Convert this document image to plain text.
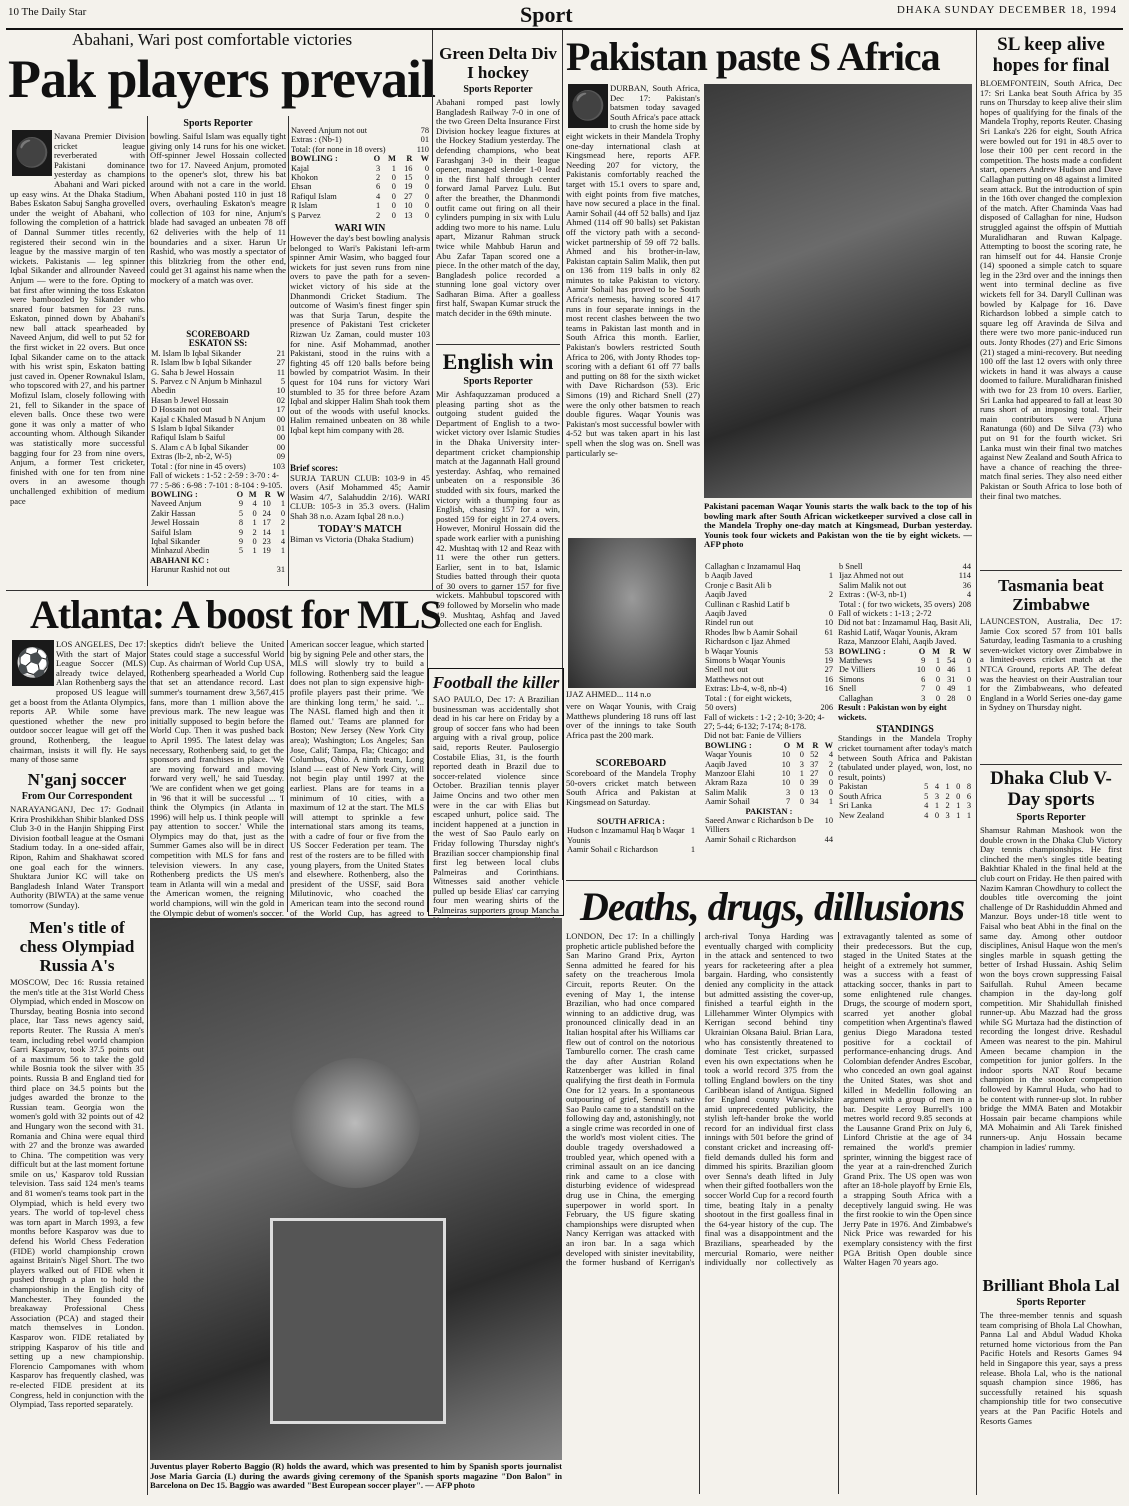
10 The Daily Star	Sport	DHAKA SUNDAY DECEMBER 18, 1994
Abahani, Wari post comfortable victories
Pak players prevail
⚫
Navana Premier Division cricket league reverberated with Pakistani dominance yesterday as champions Abahani and Wari picked up easy wins. At the Dhaka Stadium, Babes Eskaton Sabuj Sangha grovelled under the weight of Abahani, who following the completion of a hattrick of Dannal Summer titles recently, registered their second win in the league by the massive margin of ten wickets. Pakistanis — leg spinner Iqbal Sikander and allrounder Naveed Anjum — were to the fore. Opting to bat first after winning the toss Eskaton were bamboozled by Sikander who snared four batsmen for 23 runs. Eskaton, pinned down by Abahani's new ball attack spearheaded by Naveed Anjum, did well to put 52 for the first wicket in 22 overs. But once Iqbal Sikander came on to the attack with his wrist spin, Eskaton batting just caved in. Opener Rownakul Islam, who topscored with 27, and his partner Mofizul Islam, closely following with 21, fell to Sikander in the space of eleven balls. Once these two were gone it was only a matter of who accounting whom. Although Sikander was statistically more successful bagging four for 23 from nine overs, Anjum, a former Test cricketer, finished with one for ten from nine overs in an awesome though unchallenged exhibition of medium pace
Sports Reporter
bowling. Saiful Islam was equally tight giving only 14 runs for his one wicket. Off-spinner Jewel Hossain collected two for 17. Naveed Anjum, promoted to the opener's slot, threw his bat around with not a care in the world. When Abahani posted 110 in just 18 overs, overhauling Eskaton's meagre collection of 103 for nine, Anjum's blade had savaged an unbeaten 78 off 62 deliveries with the help of 11 boundaries and a sixer. Harun Ur Rashid, who was mostly a spectator of this blitzkrieg from the other end, could get 31 against his name when the mockery of a match was over.
SCOREBOARD
ESKATON SS:
M. Islam lb Iqbal Sikander	21
R. Islam lbw b Iqbal Sikander	27
G. Saha b Jewel Hossain	11
S. Parvez c N Anjum b Minhazul	5
Abedin	10
Hasan b Jewel Hossain	02
D Hossain not out	17
Kajal c Khaled Masud b N Anjum	00
S Islam b Iqbal Sikander	01
Rafiqul Islam b Saiful	00
S. Alam c A b Iqbal Sikander	00
Extras (lb-2, nb-2, W-5)	09
Total : (for nine in 45 overs)	103
Fall of wickets : 1-52 : 2-59 : 3-70 : 4-77 : 5-86 : 6-98 : 7-101 : 8-104 : 9-105.
BOWLING :	O	M	R	W
Naveed Anjum	9	4	10	1
Zakir Hassan	5	0	24	0
Jewel Hossain	8	1	17	2
Saiful Islam	9	2	14	1
Iqbal Sikander	9	0	23	4
Minhazul Abedin	5	1	19	1
ABAHANI KC :
Harunur Rashid not out	31
Naveed Anjum not out	78
Extras : (Nb-1)	01
Total: (for none in 18 overs)	110
BOWLING :	O	M	R	W
Kajal	3	1	16	0
Khokon	2	0	15	0
Ehsan	6	0	19	0
Rafiqul Islam	4	0	27	0
R Islam	1	0	10	0
S Parvez	2	0	13	0
WARI WIN
However the day's best bowling analysis belonged to Wari's Pakistani left-arm spinner Amir Wasim, who bagged four wickets for just seven runs from nine overs to pave the path for a seven-wicket victory of his side at the Dhanmondi Cricket Stadium. The outcome of Wasim's finest finger spin was that Surja Tarun, despite the presence of Pakistani Test cricketer Rizwan Uz Zaman, could muster 103 for nine. Asif Mohammad, another Pakistani, stood in the ruins with a fighting 45 off 120 balls before being bowled by compatriot Wasim. In their quest for 104 runs for victory Wari stumbled to 35 for three before Azam Iqbal and skipper Halim Shah took them out of the woods with useful knocks. Halim remained unbeaten on 38 while Iqbal kept him company with 28.
Brief scores:
SURJA TARUN CLUB: 103-9 in 45 overs (Asif Mohammed 45; Aamir Wasim 4/7, Salahuddin 2/16). WARI CLUB: 105-3 in 35.3 overs. (Halim Shah 38 n.o. Azam Iqbal 28 n.o.)
TODAY'S MATCH
Biman vs Victoria (Dhaka Stadium)
Green Delta Div I hockey
Sports Reporter
Abahani romped past lowly Bangladesh Railway 7-0 in one of the two Green Delta Insurance First Division hockey league fixtures at the Hockey Stadium yesterday. The defending champions, who beat Farashganj 3-0 in their league opener, managed slender 1-0 lead in the first half through center forward Jamal Parvez Lulu. But after the breather, the Dhanmondi outfit came out firing on all their cylinders pumping in six with Lulu adding two more to his name. Lulu apart, Mizanur Rahman struck twice while Mahbub Harun and Abu Zafar Tapan scored one a piece. In the other match of the day, Bangladesh police recorded a stunning lone goal victory over Sadharan Bima. After a goalless first half, Swapan Kumar struck the match decider in the 69th minute.
English win
Sports Reporter
Mir Ashfaquzzaman produced a pleasing parting shot as the outgoing student guided the Department of English to a two-wicket victory over Islamic Studies in the Dhaka University inter-department cricket championship match at the Jagannath Hall ground yesterday. Ashfaq, who remained unbeaten on a responsible 36 studded with six fours, marked the victory with a thumping four as English, chasing 157 for a win, posted 159 for eight in 27.4 overs. However, Monirul Hossain did the spade work earlier with a punishing 42. Mushtaq with 12 and Reaz with 11 were the other run getters. Earlier, sent in to bat, Islamic Studies batted through their quota of 30 overs to garner 157 for five wickets. Mahbubul topscored with 59 followed by Morselin who made 19. Mushtaq, Ashfaq and Javed collected one each for English.
Pakistan paste S Africa
⚫
DURBAN, South Africa, Dec 17: Pakistan's batsmen today savaged South Africa's pace attack to crush the home side by eight wickets in their Mandela Trophy one-day international clash at Kingsmead here, reports AFP. Needing 207 for victory, the Pakistanis comfortably reached the target with 15.1 overs to spare and, with eight points from five matches, have now secured a place in the final. Aamir Sohail (44 off 52 balls) and Ijaz Ahmed (114 off 90 balls) set Pakistan off the victory path with a second-wicket partnership of 59 off 72 balls. Ahmed and his brother-in-law, Pakistan captain Salim Malik, then put on 136 from 119 balls in only 82 minutes to take Pakistan to victory. Aamir Sohail has proved to be South Africa's nemesis, having scored 417 runs in four separate innings in the most recent clashes between the two teams in Pakistan last month and in South Africa this month. Earlier, Pakistan's bowlers restricted South Africa to 206, with Jonty Rhodes top-scoring with a defiant 61 off 77 balls and putting on 88 for the sixth wicket with Dave Richardson (53). Eric Simons (19) and Richard Snell (27) were the only other batsmen to reach double figures. Waqar Younis was Pakistan's most successful bowler with 4-52 but was taken apart in his last spell when the slog was on. Snell was particularly se-
Pakistani paceman Waqar Younis starts the walk back to the top of his bowling mark after South African wicketkeeper survived a close call in the Mandela Trophy one-day match at Kingsmead, Durban yesterday. Younis took four wickets and Pakistan won the tie by eight wickets. — AFP photo
IJAZ AHMED... 114 n.o
vere on Waqar Younis, with Craig Matthews plundering 18 runs off last over of the innings to take South Africa past the 200 mark.
SCOREBOARD
Scoreboard of the Mandela Trophy 50-overs cricket match between South Africa and Pakistan at Kingsmead on Saturday.
SOUTH AFRICA :
Hudson c Inzamamul Haq b Waqar Younis	1
Aamir Sohail c Richardson	1
Callaghan c Inzamamul Haq	
b Aaqib Javed	1
Cronje c Basit Ali b	
Aaqib Javed	2
Cullinan c Rashid Latif b	
Aaqib Javed	0
Rindel run out	10
Rhodes lbw b Aamir Sohail	61
Richardson c Ijaz Ahmed	
b Waqar Younis	53
Simons b Waqar Younis	19
Snell not out	27
Matthews not out	16
Extras: Lb-4, w-8, nb-4)	16
Total : ( for eight wickets,	
50 overs)	206
Fall of wickets : 1-2 ; 2-10; 3-20; 4-27; 5-44; 6-132; 7-174; 8-178.
Did not bat: Fanie de Villiers
BOWLING :	O	M	R	W
Waqar Younis	10	0	52	4
Aaqib Javed	10	3	37	2
Manzoor Elahi	10	1	27	0
Akram Raza	10	0	39	0
Salim Malik	3	0	13	0
Aamir Sohail	7	0	34	1
PAKISTAN :
Saeed Anwar c Richardson b De Villiers	10
Aamir Sohail c Richardson	44
b Snell	44
Ijaz Ahmed not out	114
Salim Malik not out	36
Extras : (W-3, nb-1)	4
Total : ( for two wickets, 35 overs)	208
Fall of wickets : 1-13 ; 2-72
Did not bat : Inzamamul Haq, Basit Ali, Rashid Latif, Waqar Younis, Akram Raza, Manzoor Elahi, Aaqib Javed.
BOWLING :	O	M	R	W
Matthews	9	1	54	0
De Villiers	10	0	46	1
Simons	6	0	31	0
Snell	7	0	49	1
Callaghan	3	0	28	0
Result : Pakistan won by eight wickets.
STANDINGS
Standings in the Mandela Trophy cricket tournament after today's match between South Africa and Pakistan (tabulated under played, won, lost, no result, points)
Pakistan	5	4	1	0	8
South Africa	5	3	2	0	6
Sri Lanka	4	1	2	1	3
New Zealand	4	0	3	1	1
SL keep alive hopes for final
BLOEMFONTEIN, South Africa, Dec 17: Sri Lanka beat South Africa by 35 runs on Thursday to keep alive their slim hopes of qualifying for the finals of the Mandela Trophy, reports Reuter. Chasing Sri Lanka's 226 for eight, South Africa were bowled out for 191 in 48.5 over to lose their 100 per cent record in the competition. The hosts made a confident start, openers Andrew Hudson and Dave Callaghan putting on 48 against a limited seam attack. But the introduction of spin in the 16th over changed the complexion of the match. After Chaminda Vaas had disposed of Callaghan for nine, Hudson struggled against the offspin of Muttiah Muralidharan and Ruwan Kalpage. Attempting to boost the scoring rate, he ran himself out for 44. Hansie Cronje (14) spooned a simple catch to square leg in the 23rd over and the innings then went into terminal decline as five wickets fell for 34. Daryll Cullinan was bowled by Kalpage for 16. Dave Richardson lobbed a simple catch to square leg off Aravinda de Silva and there were two more panic-induced run outs. Jonty Rhodes (27) and Eric Simons (21) staged a mini-recovery. But needing 100 off the last 12 overs with only three wickets in hand it was always a cause doomed to failure. Muralidharan finished with two for 23 from 10 overs. Earlier, Sri Lanka had appeared to fall at least 30 runs short of an imposing total. Their main contributors were Arjuna Ranatunga (60) and De Silva (73) who put on 91 for the fourth wicket. Sri Lanka must win their final two matches against New Zealand and South Africa to have a chance of reaching the three-match final series. They also need either Pakistan or South Africa to lose both of their final two matches.
Tasmania beat Zimbabwe
LAUNCESTON, Australia, Dec 17: Jamie Cox scored 57 from 101 balls Saturday, leading Tasmania to a crushing seven-wicket victory over Zimbabwe in a limited-overs cricket match at the NTCA Ground, reports AP. The defeat was the heaviest on their Australian tour for the Zimbabweans, who defeated England in a World Series one-day game in Sydney on Thursday night.
Dhaka Club V-Day sports
Sports Reporter
Shamsur Rahman Mashook won the double crown in the Dhaka Club Victory Day tennis championships. He first clinched the men's singles title beating Bakhtiar Khaled in the final held at the club court on Friday. He then paired with Nazim Kamran Chowdhury to collect the doubles title overcoming the joint challenge of Dr Rashiduddin Ahmed and Manzur. Boys under-18 title went to Faisal who beat Abhi in the final on the same day. Among other outdoor disciplines, Anisul Haque won the men's singles marble in squash getting the better of Irshad Hussain. Ashiq Selim won the boys crown suppressing Faisal Saifullah. Ruhul Ameen became champion in the day-long golf competition. Mir Shahidullah finished runner-up. Abu Mazzad had the gross while SG Murtaza had the distinction of recording the longest drive. Reshadul Ameen was nearest to the pin. Mahirul Ameen became champion in the competition for junior golfers. In the indoor sports NAT Rouf became champion in the snooker competition followed by Kamrul Huda, who had to be content with runner-up slot. In rubber bridge the MMA Baten and Motakbir Hossain pair became champions while MA Mohaimin and Ali Tarek finished runners-up. Anju Hossain became champion in ladies' rummy.
Brilliant Bhola Lal
Sports Reporter
The three-member tennis and squash team comprising of Bhola Lal Chowhan, Panna Lal and Abdul Wadud Khoka returned home victorious from the Pan Pacific Hotels and Resorts Games 94 held in Singapore this year, says a press release. Bhola Lal, who is the national squash champion since 1986, has successfully retained his squash championship title for two consecutive years at the Pan Pacific Hotels and Resorts Games
Atlanta: A boost for MLS
⚽
LOS ANGELES, Dec 17: With the start of Major League Soccer (MLS) already twice delayed, Alan Rothenberg says the proposed US league will get a boost from the Atlanta Olympics, reports AP. While some have questioned whether the new pro outdoor soccer league will get off the ground, Rothenberg, the league chairman, insists it will fly. He says many of those same
skeptics didn't believe the United States could stage a successful World Cup. As chairman of World Cup USA, Rothenberg spearheaded a World Cup that set an attendance record. Last summer's tournament drew 3,567,415 fans, more than 1 million above the previous mark. The new league was initially supposed to begin before the World Cup. Then it was pushed back to April 1995. The latest delay was necessary, Rothenberg said, to get the sponsors and franchises in place. 'We are moving forward and moving forward very well,' he said Tuesday. 'We are confident when we get going in '96 that it will be successful ... 'I think the Olympics (in Atlanta in 1996) will help us. I think people will pay attention to soccer.' While the Olympics may do that, just as the Summer Games also will be in direct competition with MLS for fans and television viewers. In any case, Rothenberg predicts the US men's team in Atlanta will win a medal and the American women, the reigning world champions, will win the gold in the Olympic debut of women's soccer.
American soccer league, which started big by signing Pele and other stars, the MLS will slowly try to build a following. Rothenberg said the league does not plan to sign expensive high-profile players past their prime. 'We are thinking long term,' he said. '... The NASL flamed high and then it flamed out.' Teams are planned for Boston; New Jersey (New York City area); Washington; Los Angeles; San Jose, Calif; Tampa, Fla; Chicago; and Columbus, Ohio. A ninth team, Long Island — east of New York City, will not begin play until 1997 at the earliest. Plans are for teams in a minimum of 10 cities, with a maximum of 12 at the start. The MLS will attempt to sprinkle a few international stars among its teams, with a cadre of four or five from the US Soccer Federation per team. The rest of the rosters are to be filled with young players, from the United States and elsewhere. Rothenberg, also the president of the USSF, said Bora Milutinovic, who coached the American team into the second round of the World Cup, has agreed to
N'ganj soccer
From Our Correspondent
NARAYANGANJ, Dec 17: Godnail Krira Proshikkhan Shibir blanked DSS Club 3-0 in the Hanjin Shipping First Division football league at the Osmani Stadium today. In a one-sided affair, Ripon, Rahim and Shakhawat scored one goal each for the winners. Shuktara Junior KC will take on Bangladesh Inland Water Transport Authority (BIWTA) at the same venue tomorrow (Sunday).
Men's title of chess Olympiad Russia A's
MOSCOW, Dec 16: Russia retained the men's title at the 31st World Chess Olympiad, which ended in Moscow on Thursday, beating Bosnia into second place, Itar Tass news agency said, reports Reuter. The Russia A men's team, including rebel world champion Garri Kasparov, took 37.5 points out of a maximum 56 to take the gold while Bosnia took the silver with 35 points. Russia B and England tied for third place on 34.5 points but the judges awarded the bronze to the Russian team. Georgia won the women's gold with 32 points out of 42 and Hungary won the second with 31. Romania and China were equal third with 27 and the bronze was awarded to China. 'The competition was very difficult but at the last moment fortune smile on us,' Kasparov told Russian television. Tass said 124 men's teams and 81 women's teams took part in the Olympiad, which is held every two years. The world of top-level chess was torn apart in March 1993, a few months before Kasparov was due to defend his World Chess Federation (FIDE) world championship crown against Britain's Nigel Short. The two players walked out of FIDE when it pushed through a plan to hold the championship in the English city of Manchester. They founded the breakaway Professional Chess Association (PCA) and staged their match themselves in London. Kasparov won. FIDE retaliated by stripping Kasparov of his title and setting up a new championship. Florencio Campomanes with whom Kasparov has frequently clashed, was re-elected FIDE president at its Congress, held in conjunction with the Olympiad, Tass reported separately.
Football the killer
SAO PAULO, Dec 17: A Brazilian businessman was accidentally shot dead in his car here on Friday by a group of soccer fans who had been arguing with a rival group, police said, reports Reuter. Paulosergio Costabile Elias, 31, is the fourth reported death in Brazil due to soccer-related violence since October. Brazilian tennis player Jaime Oncins and two other men were in the car with Elias but escaped unhurt, police said. The incident happened at a junction in the west of Sao Paulo early on Friday following Thursday night's Brazilian soccer championship final first leg between local clubs Palmeiras and Corinthians. Witnesses said another vehicle pulled up beside Elias' car carrying four men wearing shirts of the Palmeiras supporters group Mancha Deaths, drugs, dillusions
LONDON, Dec 17: In a chillingly prophetic article published before the San Marino Grand Prix, Ayrton Senna admitted he feared for his safety on the treacherous Imola Circuit, reports Reuter. On the evening of May 1, the intense Brazilian, who had once compared winning to an addictive drug, was pronounced clinically dead in an Italian hospital after his Williams car flew out of control on the notorious Tamburello corner. The crash came the day after Austrian Roland Ratzenberger was killed in final qualifying the first death in Formula One for 12 years. In a spontaneous outpouring of grief, Senna's native Sao Paulo came to a standstill on the following day and, astonishingly, not a single crime was recorded in one of the world's most violent cities. The double tragedy overshadowed a troubled year, which opened with a criminal assault on an ice dancing rink and came to a close with disturbing evidence of widespread drug use in China, the emerging superpower in world sport. In February, the US figure skating championships were disrupted when Nancy Kerrigan was attacked with an iron bar. In a saga which developed with sinister inevitability, the former husband of Kerrigan's arch-rival Tonya Harding was eventually charged with complicity in the attack and sentenced to two years for racketeering after a plea bargain. Harding, who consistently denied any complicity in the attack but admitted assisting the cover-up, finished a tearful eighth in the Lillehammer Winter Olympics with Kerrigan second behind tiny Ukrainian Oksana Baiul. Brian Lara, who has consistently threatened to dominate Test cricket, surpassed even his own expectations when he took a world record 375 from the tolling England bowlers on the tiny Caribbean island of Antigua. Signed for England county Warwickshire amid unprecedented publicity, the stylish left-hander broke the world record for an individual first class innings with 501 before the grind of constant cricket and increasing off-field demands dulled his form and dimmed his spirits. Brazilian gloom over Senna's death lifted in July when their gifted footballers won the soccer World Cup for a record fourth time, beating Italy in a penalty shootout in the first goalless final in the 64-year history of the cup. The final was a disappointment and the Brazilians, spearheaded by the mercurial Romario, were neither individually nor collectively as extravagantly talented as some of their predecessors. But the cup, staged in the United States at the height of a extremely hot summer, was a success with a feast of attacking soccer, thanks in part to some enlightened rule changes. Drugs, the scourge of modern sport, scarred yet another global competition when Argentina's flawed genius Diego Maradona tested positive for a cocktail of performance-enhancing drugs. And Colombian defender Andres Escobar, who conceded an own goal against the United States, was shot and killed in Medellin following an argument with a group of men in a bar. Despite Leroy Burrell's 100 metres world record 9.85 seconds at the Lausanne Grand Prix on July 6, Linford Christie at the age of 34 remained the world's premier sprinter, winning the biggest race of the year at a rain-drenched Zurich Grand Prix. The US open was won after an 18-hole playoff by Ernie Els, a strapping South Africa with a deceptively languid swing. He was the first rookie to win the Open since Jerry Pate in 1976. And Zimbabwe's Nick Price was rewarded for his exemplary consistency with the first PGA British Open double since Walter Hagen 70 years ago.
Juventus player Roberto Baggio (R) holds the award, which was presented to him by Spanish sports journalist Jose Maria Garcia (L) during the awards giving ceremony of the Spanish sports magazine "Don Balon" in Barcelona on Dec 15. Baggio was awarded "Best European soccer player". — AFP photo
